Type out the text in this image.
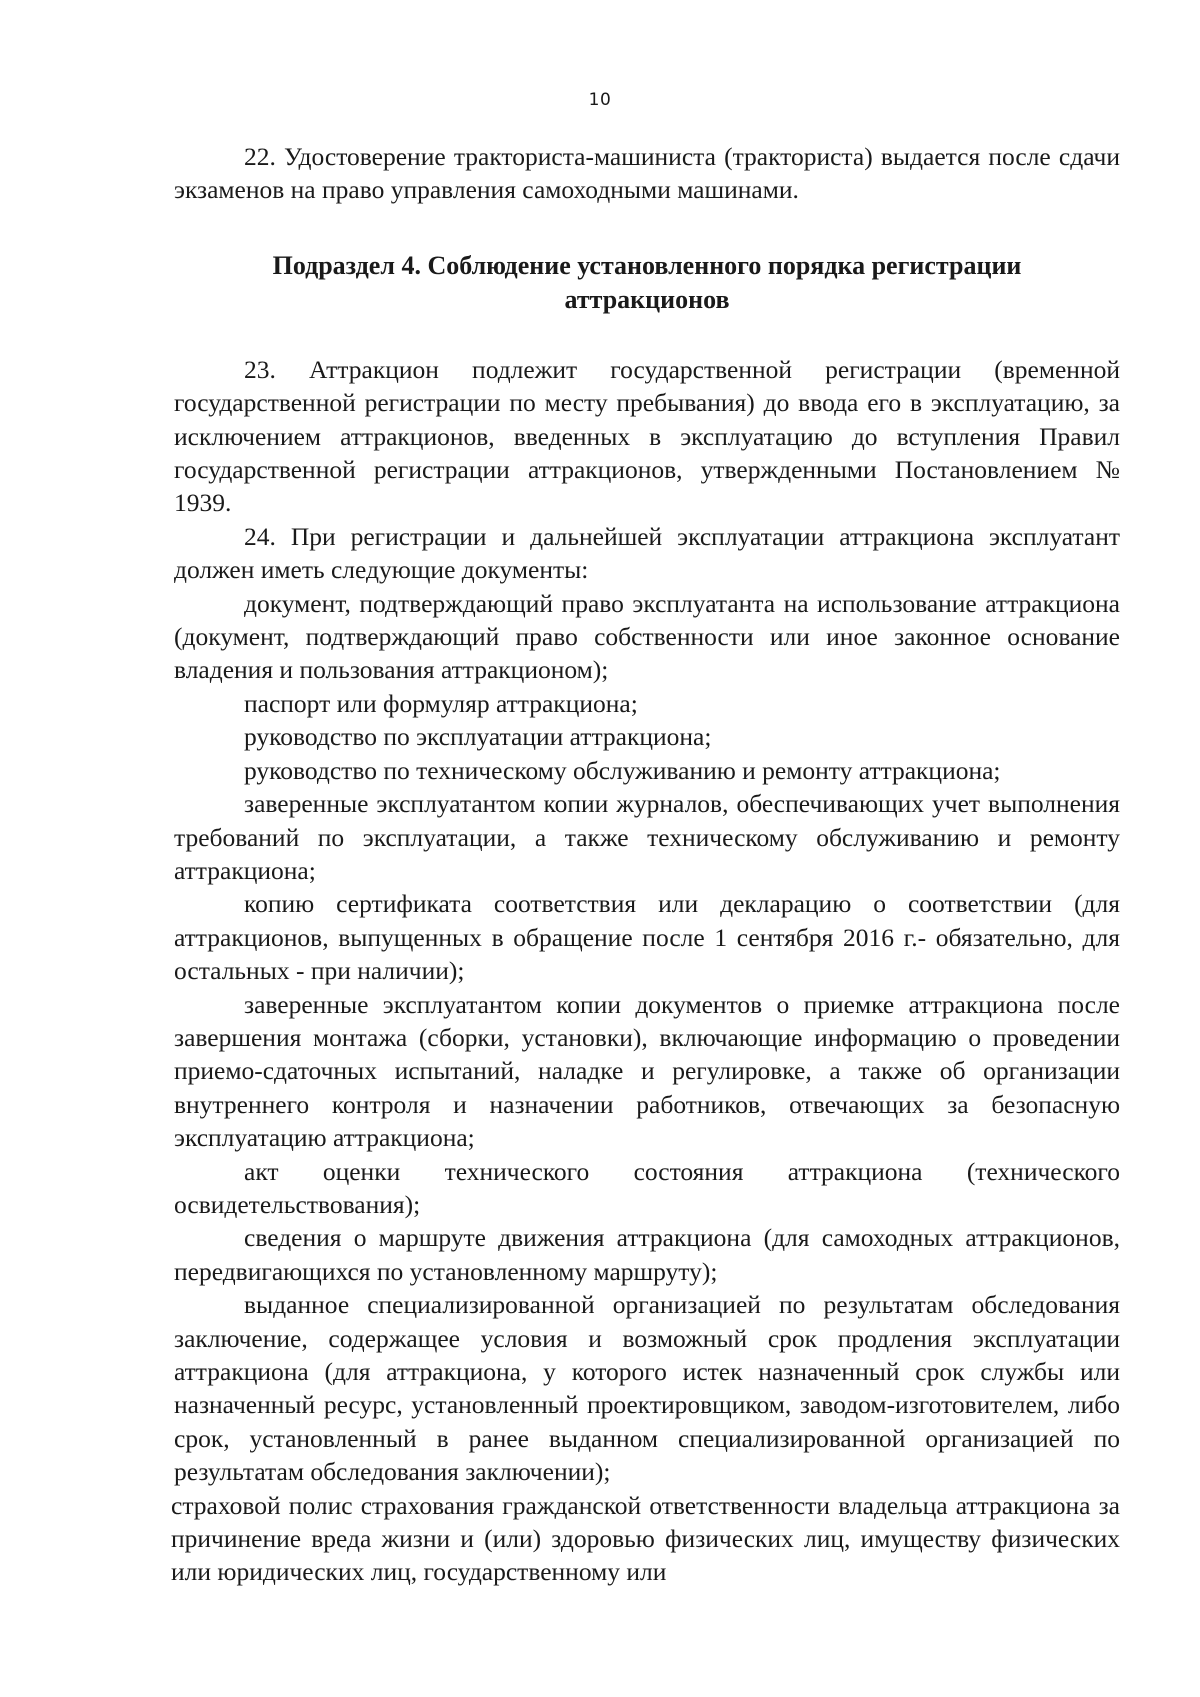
10

22. Удостоверение тракториста-машиниста (тракториста) выдается после сдачи экзаменов на право управления самоходными машинами.

Подраздел 4. Соблюдение установленного порядка регистрации аттракционов

23. Аттракцион подлежит государственной регистрации (временной государственной регистрации по месту пребывания) до ввода его в эксплуатацию, за исключением аттракционов, введенных в эксплуатацию до вступления Правил государственной регистрации аттракционов, утвержденными Постановлением № 1939.

24. При регистрации и дальнейшей эксплуатации аттракциона эксплуатант должен иметь следующие документы:

документ, подтверждающий право эксплуатанта на использование аттракциона (документ, подтверждающий право собственности или иное законное основание владения и пользования аттракционом);

паспорт или формуляр аттракциона;

руководство по эксплуатации аттракциона;

руководство по техническому обслуживанию и ремонту аттракциона;

заверенные эксплуатантом копии журналов, обеспечивающих учет выполнения требований по эксплуатации, а также техническому обслуживанию и ремонту аттракциона;

копию сертификата соответствия или декларацию о соответствии (для аттракционов, выпущенных в обращение после 1 сентября 2016 г.- обязательно, для остальных - при наличии);

заверенные эксплуатантом копии документов о приемке аттракциона после завершения монтажа (сборки, установки), включающие информацию о проведении приемо-сдаточных испытаний, наладке и регулировке, а также об организации внутреннего контроля и назначении работников, отвечающих за безопасную эксплуатацию аттракциона;

акт оценки технического состояния аттракциона (технического освидетельствования);

сведения о маршруте движения аттракциона (для самоходных аттракционов, передвигающихся по установленному маршруту);

выданное специализированной организацией по результатам обследования заключение, содержащее условия и возможный срок продления эксплуатации аттракциона (для аттракциона, у которого истек назначенный срок службы или назначенный ресурс, установленный проектировщиком, заводом-изготовителем, либо срок, установленный в ранее выданном специализированной организацией по результатам обследования заключении);

страховой полис страхования гражданской ответственности владельца аттракциона за причинение вреда жизни и (или) здоровью физических лиц, имуществу физических или юридических лиц, государственному или
